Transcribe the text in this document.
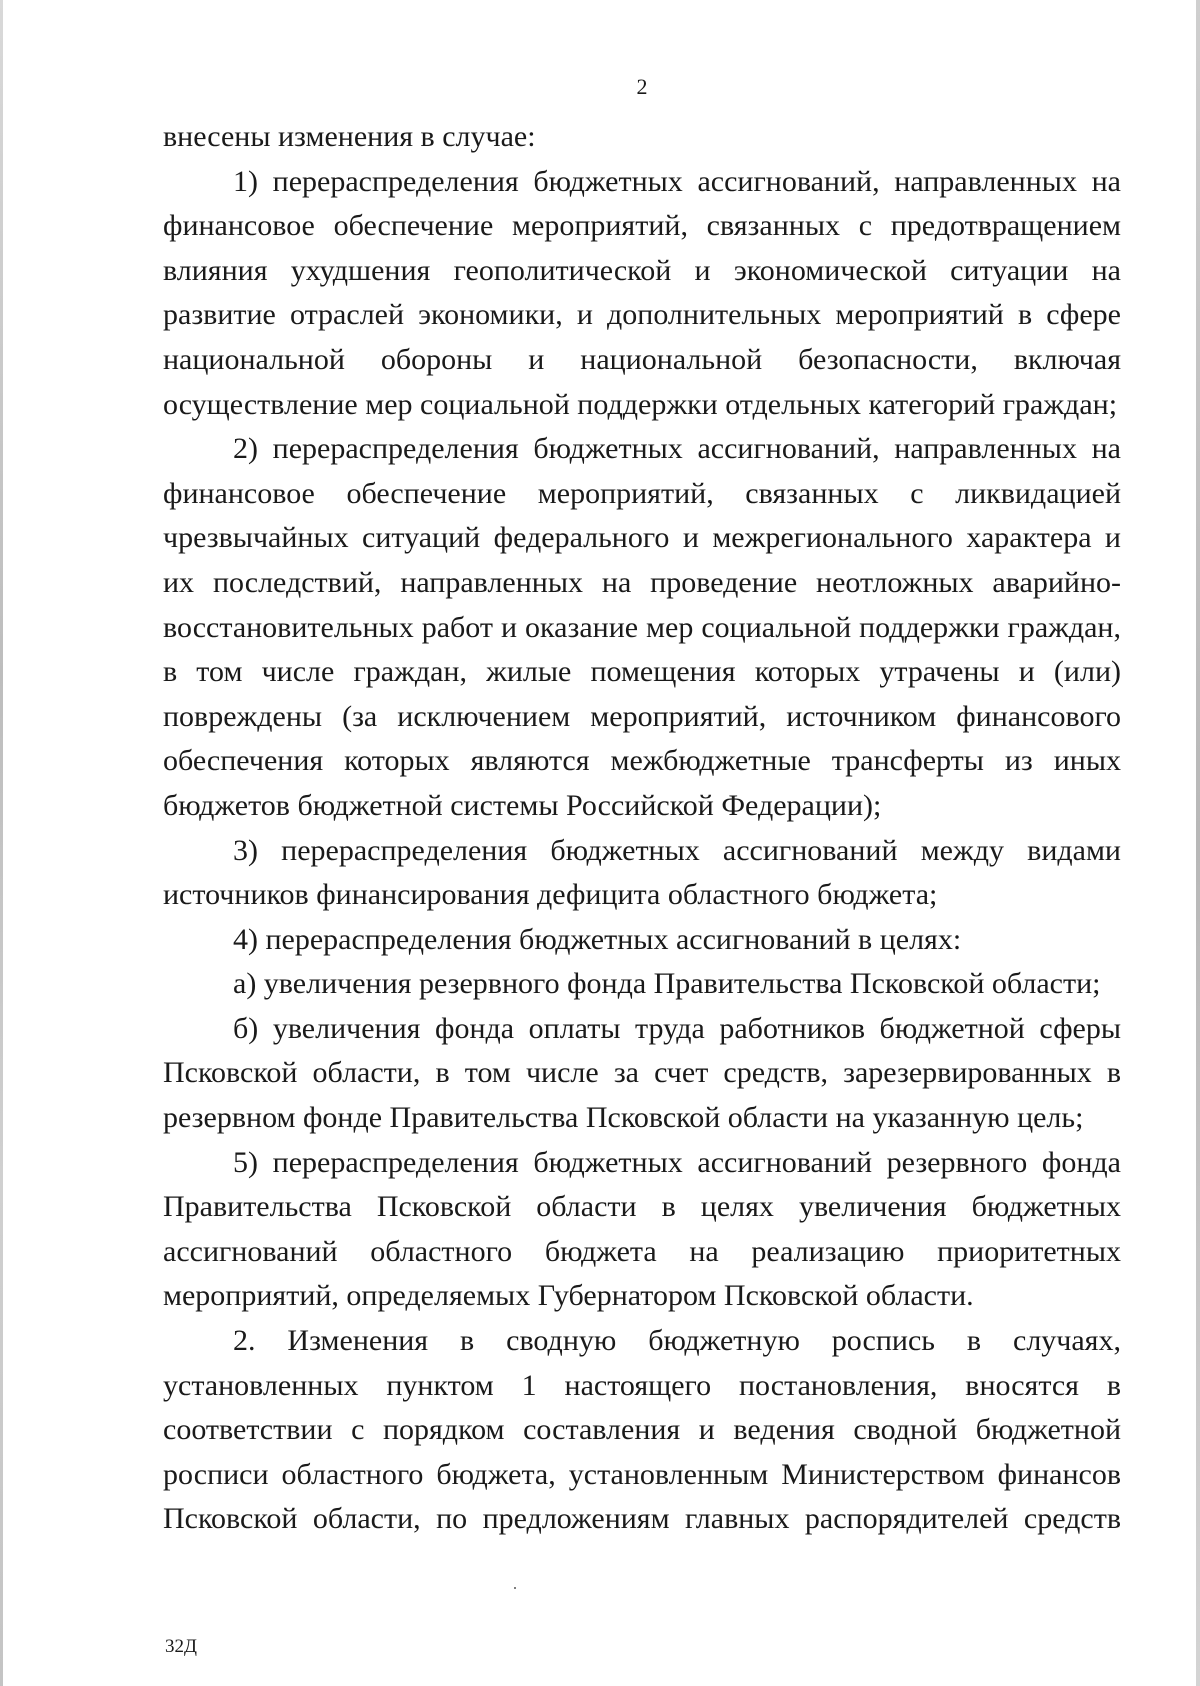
2

внесены изменения в случае:

1) перераспределения бюджетных ассигнований, направленных на финансовое обеспечение мероприятий, связанных с предотвращением влияния ухудшения геополитической и экономической ситуации на развитие отраслей экономики, и дополнительных мероприятий в сфере национальной обороны и национальной безопасности, включая осуществление мер социальной поддержки отдельных категорий граждан;

2) перераспределения бюджетных ассигнований, направленных на финансовое обеспечение мероприятий, связанных с ликвидацией чрезвычайных ситуаций федерального и межрегионального характера и их последствий, направленных на проведение неотложных аварийно-восстановительных работ и оказание мер социальной поддержки граждан, в том числе граждан, жилые помещения которых утрачены и (или) повреждены (за исключением мероприятий, источником финансового обеспечения которых являются межбюджетные трансферты из иных бюджетов бюджетной системы Российской Федерации);

3) перераспределения бюджетных ассигнований между видами источников финансирования дефицита областного бюджета;

4) перераспределения бюджетных ассигнований в целях:

а) увеличения резервного фонда Правительства Псковской области;

б) увеличения фонда оплаты труда работников бюджетной сферы Псковской области, в том числе за счет средств, зарезервированных в резервном фонде Правительства Псковской области на указанную цель;

5) перераспределения бюджетных ассигнований резервного фонда Правительства Псковской области в целях увеличения бюджетных ассигнований областного бюджета на реализацию приоритетных мероприятий, определяемых Губернатором Псковской области.

2. Изменения в сводную бюджетную роспись в случаях, установленных пунктом 1 настоящего постановления, вносятся в соответствии с порядком составления и ведения сводной бюджетной росписи областного бюджета, установленным Министерством финансов Псковской области, по предложениям главных распорядителей средств

32Д
